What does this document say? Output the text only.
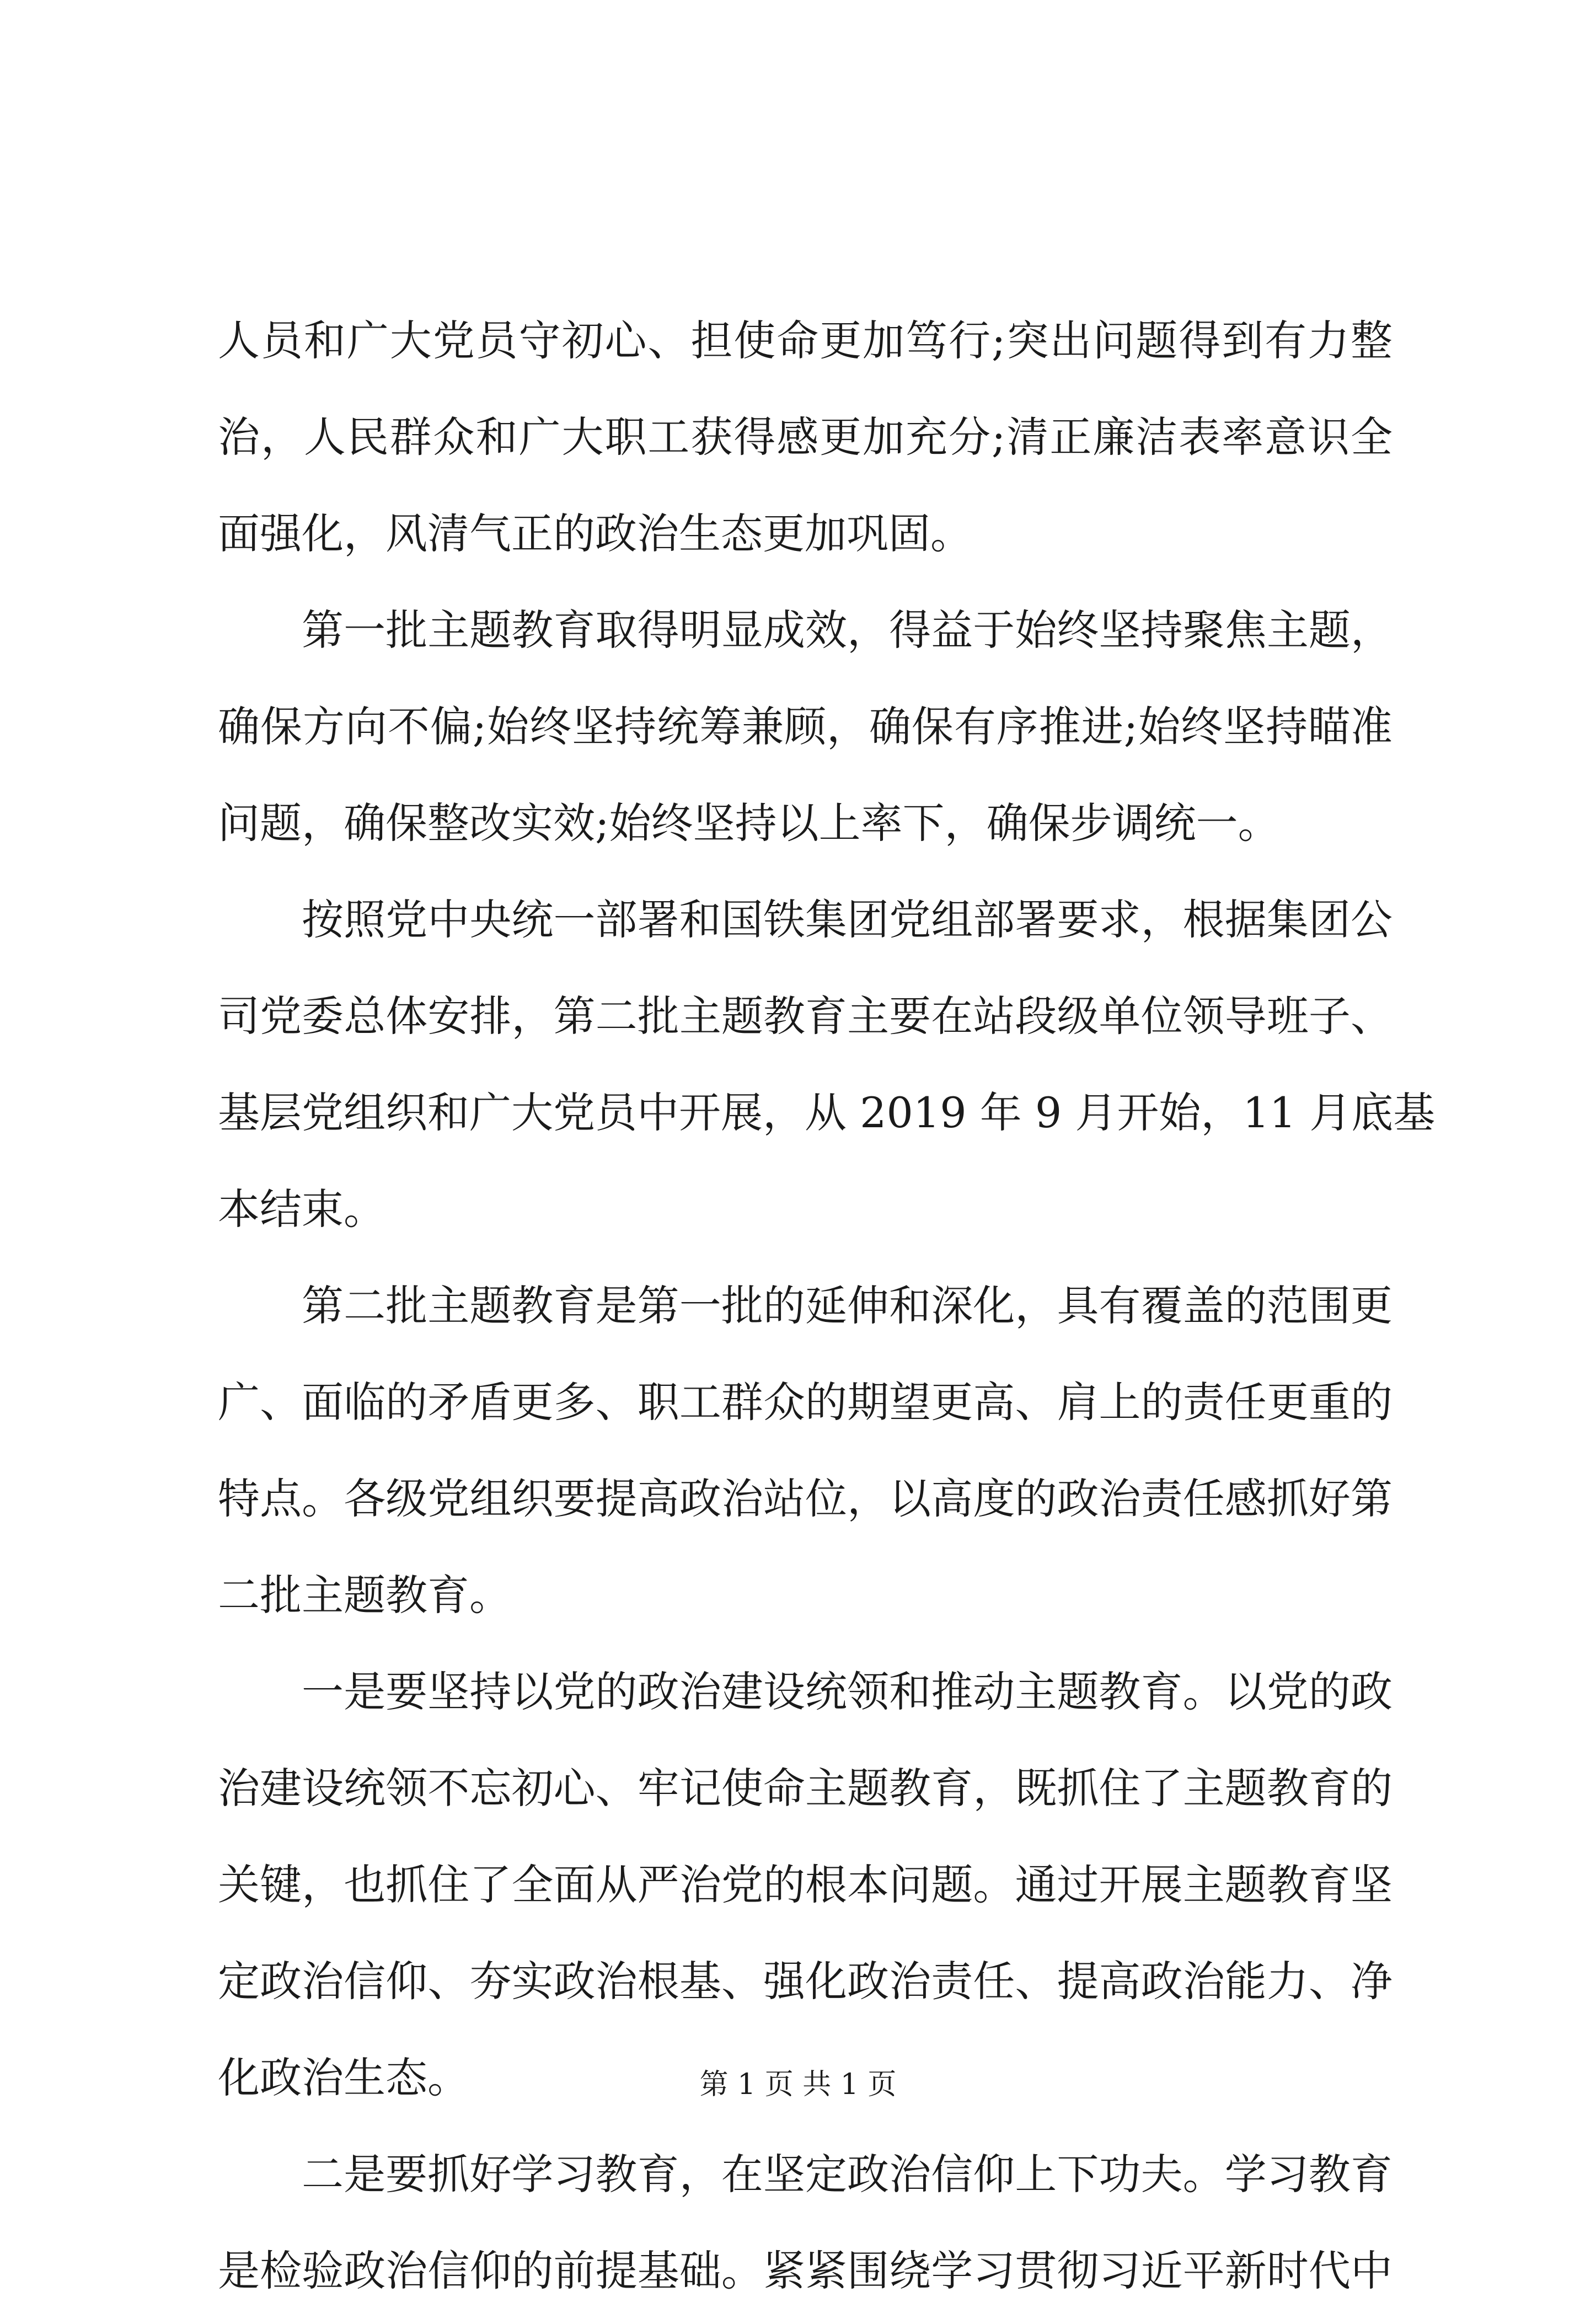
人员和广大党员守初心、担使命更加笃行;突出问题得到有力整
治，人民群众和广大职工获得感更加充分;清正廉洁表率意识全
面强化，风清气正的政治生态更加巩固。
第一批主题教育取得明显成效，得益于始终坚持聚焦主题，
确保方向不偏;始终坚持统筹兼顾，确保有序推进;始终坚持瞄准
问题，确保整改实效;始终坚持以上率下，确保步调统一。
按照党中央统一部署和国铁集团党组部署要求，根据集团公
司党委总体安排，第二批主题教育主要在站段级单位领导班子、
基层党组织和广大党员中开展，从 2019 年 9 月开始，11 月底基
本结束。
第二批主题教育是第一批的延伸和深化，具有覆盖的范围更
广、面临的矛盾更多、职工群众的期望更高、肩上的责任更重的
特点。各级党组织要提高政治站位，以高度的政治责任感抓好第
二批主题教育。
一是要坚持以党的政治建设统领和推动主题教育。以党的政
治建设统领不忘初心、牢记使命主题教育，既抓住了主题教育的
关键，也抓住了全面从严治党的根本问题。通过开展主题教育坚
定政治信仰、夯实政治根基、强化政治责任、提高政治能力、净
化政治生态。
二是要抓好学习教育，在坚定政治信仰上下功夫。学习教育
是检验政治信仰的前提基础。紧紧围绕学习贯彻习近平新时代中
第 1 页 共 1 页
